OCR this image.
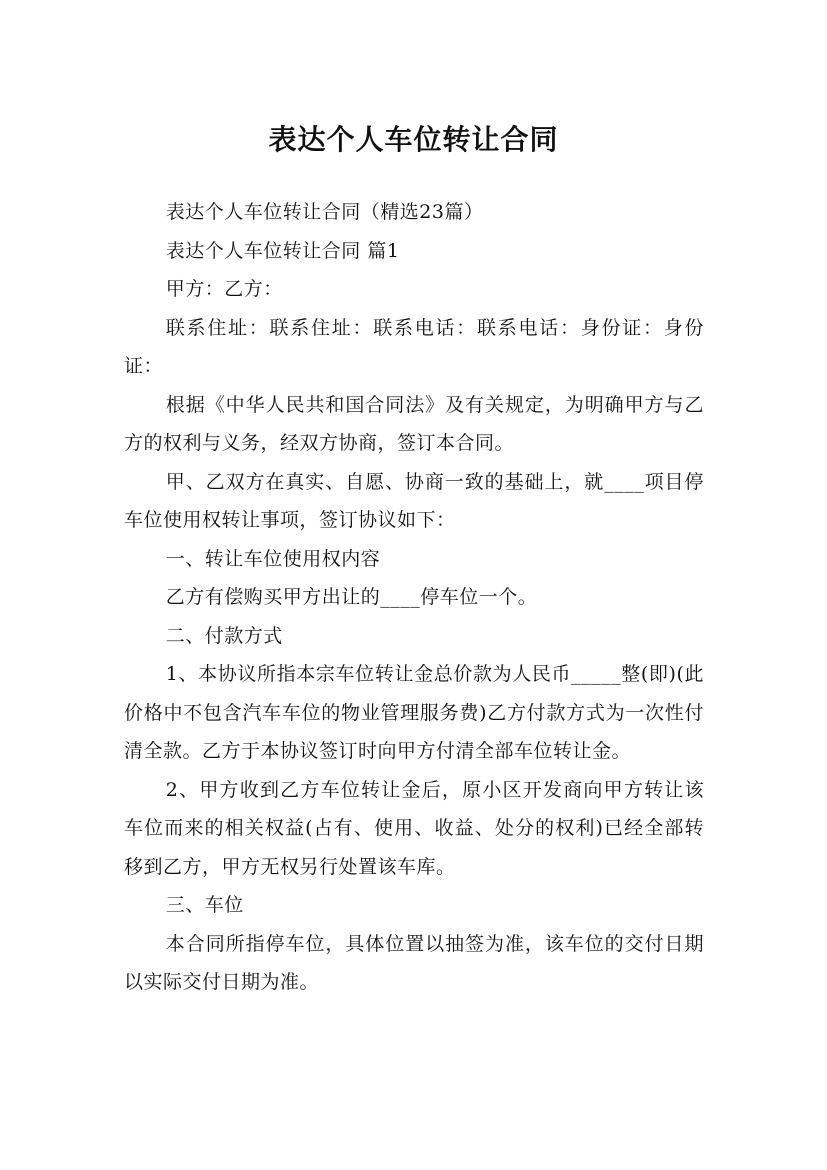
表达个人车位转让合同

表达个人车位转让合同（精选23篇）

表达个人车位转让合同 篇1

甲方：乙方：

联系住址：联系住址：联系电话：联系电话：身份证：身份证：

根据《中华人民共和国合同法》及有关规定，为明确甲方与乙方的权利与义务，经双方协商，签订本合同。

甲、乙双方在真实、自愿、协商一致的基础上，就____项目停车位使用权转让事项，签订协议如下：

一、转让车位使用权内容

乙方有偿购买甲方出让的____停车位一个。

二、付款方式

1、本协议所指本宗车位转让金总价款为人民币_____整(即)(此价格中不包含汽车车位的物业管理服务费)乙方付款方式为一次性付清全款。乙方于本协议签订时向甲方付清全部车位转让金。

2、甲方收到乙方车位转让金后，原小区开发商向甲方转让该车位而来的相关权益(占有、使用、收益、处分的权利)已经全部转移到乙方，甲方无权另行处置该车库。

三、车位

本合同所指停车位，具体位置以抽签为准，该车位的交付日期以实际交付日期为准。
